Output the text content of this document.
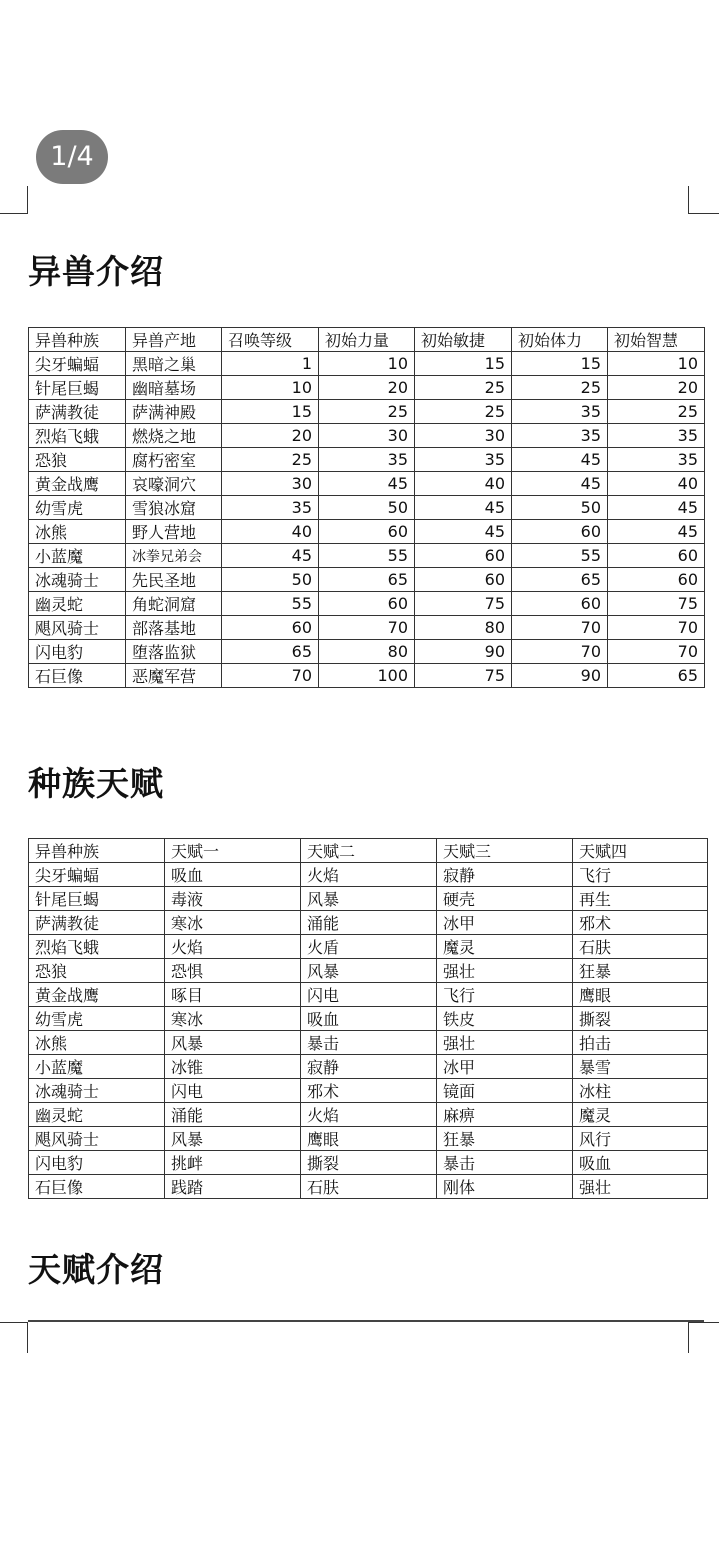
1/4
异兽介绍
异兽种族	异兽产地	召唤等级	初始力量	初始敏捷	初始体力	初始智慧
尖牙蝙蝠	黑暗之巢	1	10	15	15	10
针尾巨蝎	幽暗墓场	10	20	25	25	20
萨满教徒	萨满神殿	15	25	25	35	25
烈焰飞蛾	燃烧之地	20	30	30	35	35
恐狼	腐朽密室	25	35	35	45	35
黄金战鹰	哀嚎洞穴	30	45	40	45	40
幼雪虎	雪狼冰窟	35	50	45	50	45
冰熊	野人营地	40	60	45	60	45
小蓝魔	冰拳兄弟会	45	55	60	55	60
冰魂骑士	先民圣地	50	65	60	65	60
幽灵蛇	角蛇洞窟	55	60	75	60	75
飓风骑士	部落基地	60	70	80	70	70
闪电豹	堕落监狱	65	80	90	70	70
石巨像	恶魔军营	70	100	75	90	65
种族天赋
异兽种族	天赋一	天赋二	天赋三	天赋四
尖牙蝙蝠	吸血	火焰	寂静	飞行
针尾巨蝎	毒液	风暴	硬壳	再生
萨满教徒	寒冰	涌能	冰甲	邪术
烈焰飞蛾	火焰	火盾	魔灵	石肤
恐狼	恐惧	风暴	强壮	狂暴
黄金战鹰	啄目	闪电	飞行	鹰眼
幼雪虎	寒冰	吸血	铁皮	撕裂
冰熊	风暴	暴击	强壮	拍击
小蓝魔	冰锥	寂静	冰甲	暴雪
冰魂骑士	闪电	邪术	镜面	冰柱
幽灵蛇	涌能	火焰	麻痹	魔灵
飓风骑士	风暴	鹰眼	狂暴	风行
闪电豹	挑衅	撕裂	暴击	吸血
石巨像	践踏	石肤	刚体	强壮
天赋介绍
